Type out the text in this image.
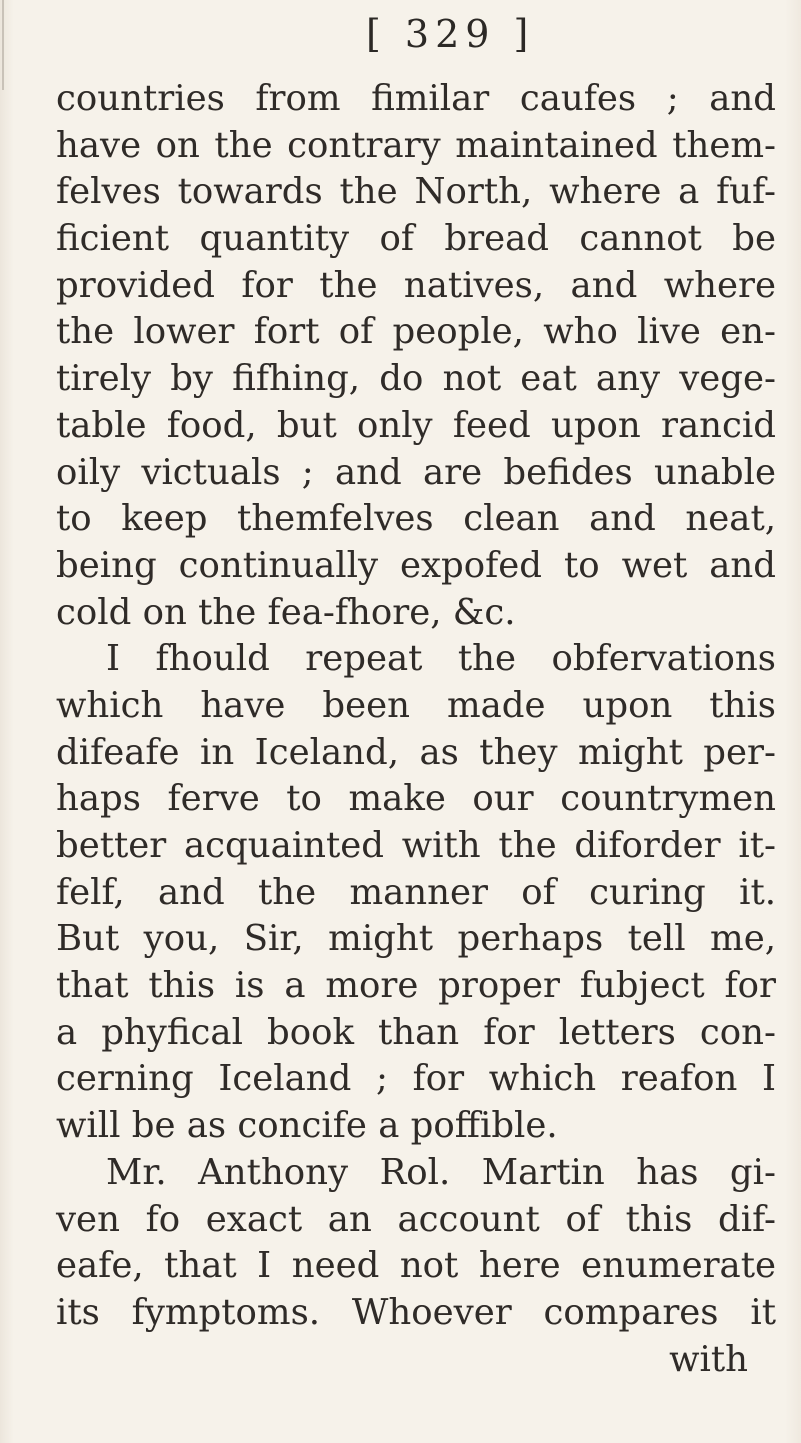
[ 329 ]
countries from fimilar caufes ; and
have on the contrary maintained them-
felves towards the North, where a fuf-
ficient quantity of bread cannot be
provided for the natives, and where
the lower fort of people, who live en-
tirely by fifhing, do not eat any vege-
table food, but only feed upon rancid
oily victuals ; and are befides unable
to keep themfelves clean and neat,
being continually expofed to wet and
cold on the fea-fhore, &c.
I fhould repeat the obfervations
which have been made upon this
difeafe in Iceland, as they might per-
haps ferve to make our countrymen
better acquainted with the diforder it-
felf, and the manner of curing it.
But you, Sir, might perhaps tell me,
that this is a more proper fubject for
a phyfical book than for letters con-
cerning Iceland ; for which reafon I
will be as concife a poffible.
Mr. Anthony Rol. Martin has gi-
ven fo exact an account of this dif-
eafe, that I need not here enumerate
its fymptoms. Whoever compares it
with
